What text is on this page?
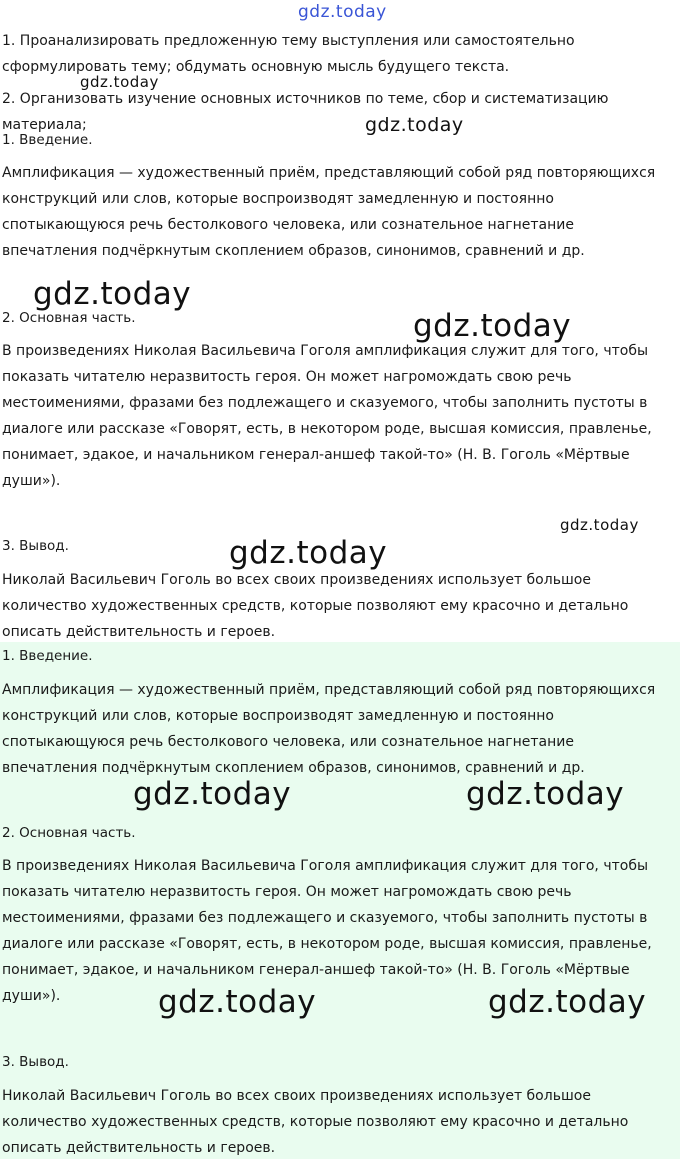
1. Проанализировать предложенную тему выступления или самостоятельно
сформулировать тему; обдумать основную мысль будущего текста.
2. Организовать изучение основных источников по теме, сбор и систематизацию
материала;
1. Введение.
Амплификация — художественный приём, представляющий собой ряд повторяющихся
конструкций или слов, которые воспроизводят замедленную и постоянно
спотыкающуюся речь бестолкового человека, или сознательное нагнетание
впечатления подчёркнутым скоплением образов, синонимов, сравнений и др.
2. Основная часть.
В произведениях Николая Васильевича Гоголя амплификация служит для того, чтобы
показать читателю неразвитость героя. Он может нагромождать свою речь
местоимениями, фразами без подлежащего и сказуемого, чтобы заполнить пустоты в
диалоге или рассказе «Говорят, есть, в некотором роде, высшая комиссия, правленье,
понимает, эдакое, и начальником генерал-аншеф такой-то» (Н. В. Гоголь «Мёртвые
души»).
3. Вывод.
Николай Васильевич Гоголь во всех своих произведениях использует большое
количество художественных средств, которые позволяют ему красочно и детально
описать действительность и героев.
1. Введение.
Амплификация — художественный приём, представляющий собой ряд повторяющихся
конструкций или слов, которые воспроизводят замедленную и постоянно
спотыкающуюся речь бестолкового человека, или сознательное нагнетание
впечатления подчёркнутым скоплением образов, синонимов, сравнений и др.
2. Основная часть.
В произведениях Николая Васильевича Гоголя амплификация служит для того, чтобы
показать читателю неразвитость героя. Он может нагромождать свою речь
местоимениями, фразами без подлежащего и сказуемого, чтобы заполнить пустоты в
диалоге или рассказе «Говорят, есть, в некотором роде, высшая комиссия, правленье,
понимает, эдакое, и начальником генерал-аншеф такой-то» (Н. В. Гоголь «Мёртвые
души»).
3. Вывод.
Николай Васильевич Гоголь во всех своих произведениях использует большое
количество художественных средств, которые позволяют ему красочно и детально
описать действительность и героев.
gdz.today
gdz.today
gdz.today
gdz.today
gdz.today
gdz.today
gdz.today
gdz.today	gdz.today
gdz.today	gdz.today
